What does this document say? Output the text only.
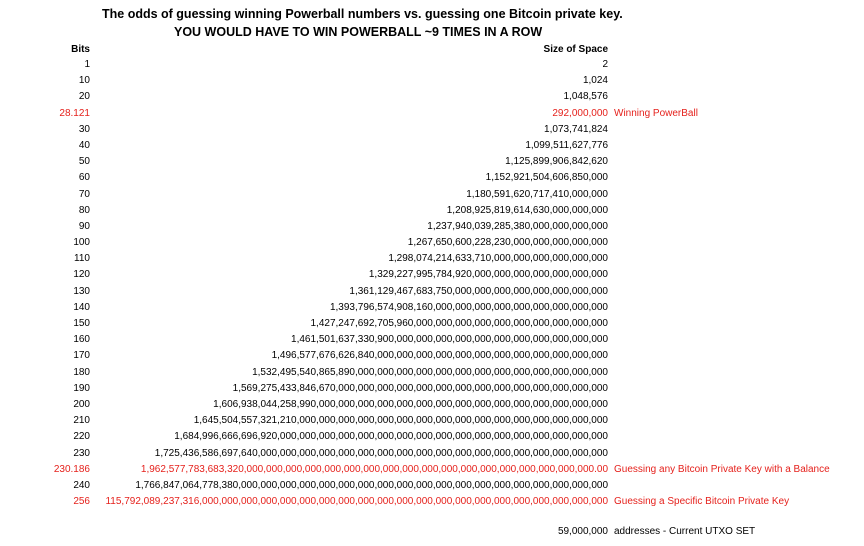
The odds of guessing winning Powerball numbers vs. guessing one Bitcoin private key.
YOU WOULD HAVE TO WIN POWERBALL ~9 TIMES IN A ROW
Bits	Size of Space
1	2
10	1,024
20	1,048,576
28.121	292,000,000 Winning PowerBall
30	1,073,741,824
40	1,099,511,627,776
50	1,125,899,906,842,620
60	1,152,921,504,606,850,000
70	1,180,591,620,717,410,000,000
80	1,208,925,819,614,630,000,000,000
90	1,237,940,039,285,380,000,000,000,000
100	1,267,650,600,228,230,000,000,000,000,000
110	1,298,074,214,633,710,000,000,000,000,000,000
120	1,329,227,995,784,920,000,000,000,000,000,000,000
130	1,361,129,467,683,750,000,000,000,000,000,000,000,000
140	1,393,796,574,908,160,000,000,000,000,000,000,000,000,000
150	1,427,247,692,705,960,000,000,000,000,000,000,000,000,000,000
160	1,461,501,637,330,900,000,000,000,000,000,000,000,000,000,000,000
170	1,496,577,676,626,840,000,000,000,000,000,000,000,000,000,000,000,000
180	1,532,495,540,865,890,000,000,000,000,000,000,000,000,000,000,000,000,000
190	1,569,275,433,846,670,000,000,000,000,000,000,000,000,000,000,000,000,000,000
200	1,606,938,044,258,990,000,000,000,000,000,000,000,000,000,000,000,000,000,000,000
210	1,645,504,557,321,210,000,000,000,000,000,000,000,000,000,000,000,000,000,000,000,000
220	1,684,996,666,696,920,000,000,000,000,000,000,000,000,000,000,000,000,000,000,000,000,000
230	1,725,436,586,697,640,000,000,000,000,000,000,000,000,000,000,000,000,000,000,000,000,000,000
230.186	1,962,577,783,683,320,000,000,000,000,000,000,000,000,000,000,000,000,000,000,000,000,000,000.00 Guessing any Bitcoin Private Key with a Balance
240	1,766,847,064,778,380,000,000,000,000,000,000,000,000,000,000,000,000,000,000,000,000,000,000,000
256 115,792,089,237,316,000,000,000,000,000,000,000,000,000,000,000,000,000,000,000,000,000,000,000,000,000 Guessing a Specific Bitcoin Private Key
59,000,000 addresses - Current UTXO SET
